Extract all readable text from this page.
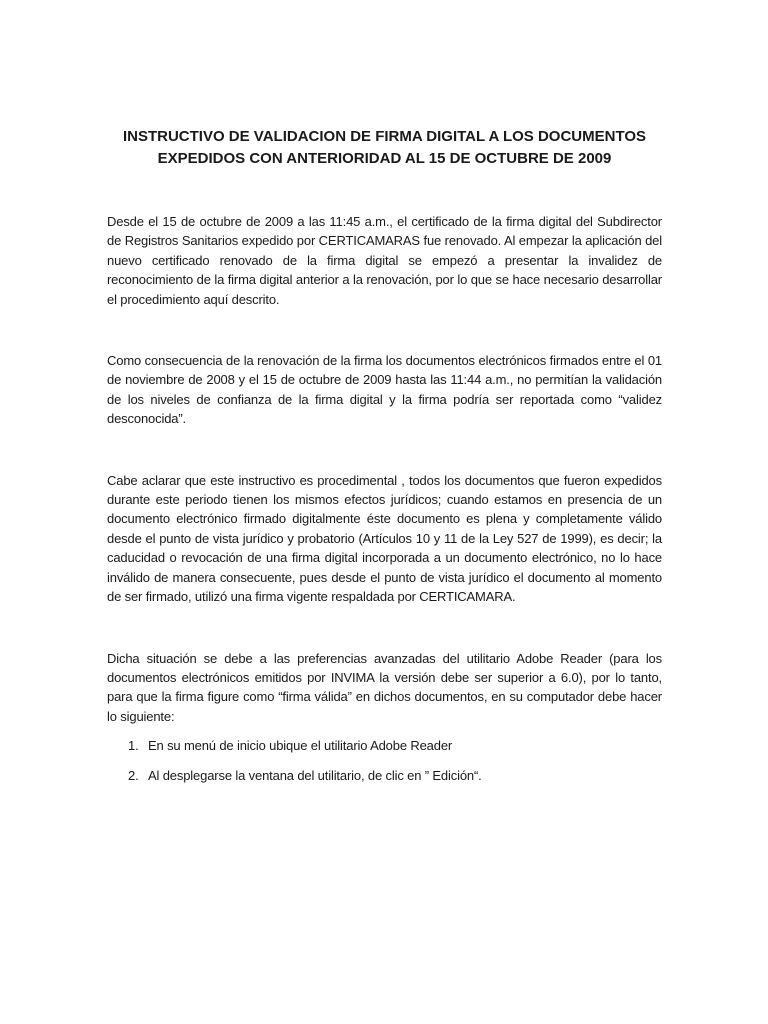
INSTRUCTIVO DE VALIDACION DE FIRMA DIGITAL A LOS DOCUMENTOS
EXPEDIDOS CON ANTERIORIDAD AL 15 DE OCTUBRE DE 2009

Desde el 15 de octubre de 2009 a las 11:45 a.m., el certificado de la firma digital del Subdirector de Registros Sanitarios expedido por CERTICAMARAS fue renovado. Al empezar la aplicación del nuevo certificado renovado de la firma digital se empezó a presentar la invalidez de reconocimiento de la firma digital anterior a la renovación, por lo que se hace necesario desarrollar el procedimiento aquí descrito.

Como consecuencia de la renovación de la firma los documentos electrónicos firmados entre el 01 de noviembre de 2008 y el 15 de octubre de 2009 hasta las 11:44 a.m., no permitían la validación de los niveles de confianza de la firma digital y la firma podría ser reportada como “validez desconocida”.

Cabe aclarar que este instructivo es procedimental , todos los documentos que fueron expedidos durante este periodo tienen los mismos efectos jurídicos; cuando estamos en presencia de un documento electrónico firmado digitalmente éste documento es plena y completamente válido desde el punto de vista jurídico y probatorio (Artículos 10 y 11 de la Ley 527 de 1999), es decir; la caducidad o revocación de una firma digital incorporada a un documento electrónico, no lo hace inválido de manera consecuente, pues desde el punto de vista jurídico el documento al momento de ser firmado, utilizó una firma vigente respaldada por CERTICAMARA.

Dicha situación se debe a las preferencias avanzadas del utilitario Adobe Reader (para los documentos electrónicos emitidos por INVIMA la versión debe ser superior a 6.0), por lo tanto, para que la firma figure como “firma válida” en dichos documentos, en su computador debe hacer lo siguiente:

1. En su menú de inicio ubique el utilitario Adobe Reader
2. Al desplegarse la ventana del utilitario, de clic en ” Edición“.
